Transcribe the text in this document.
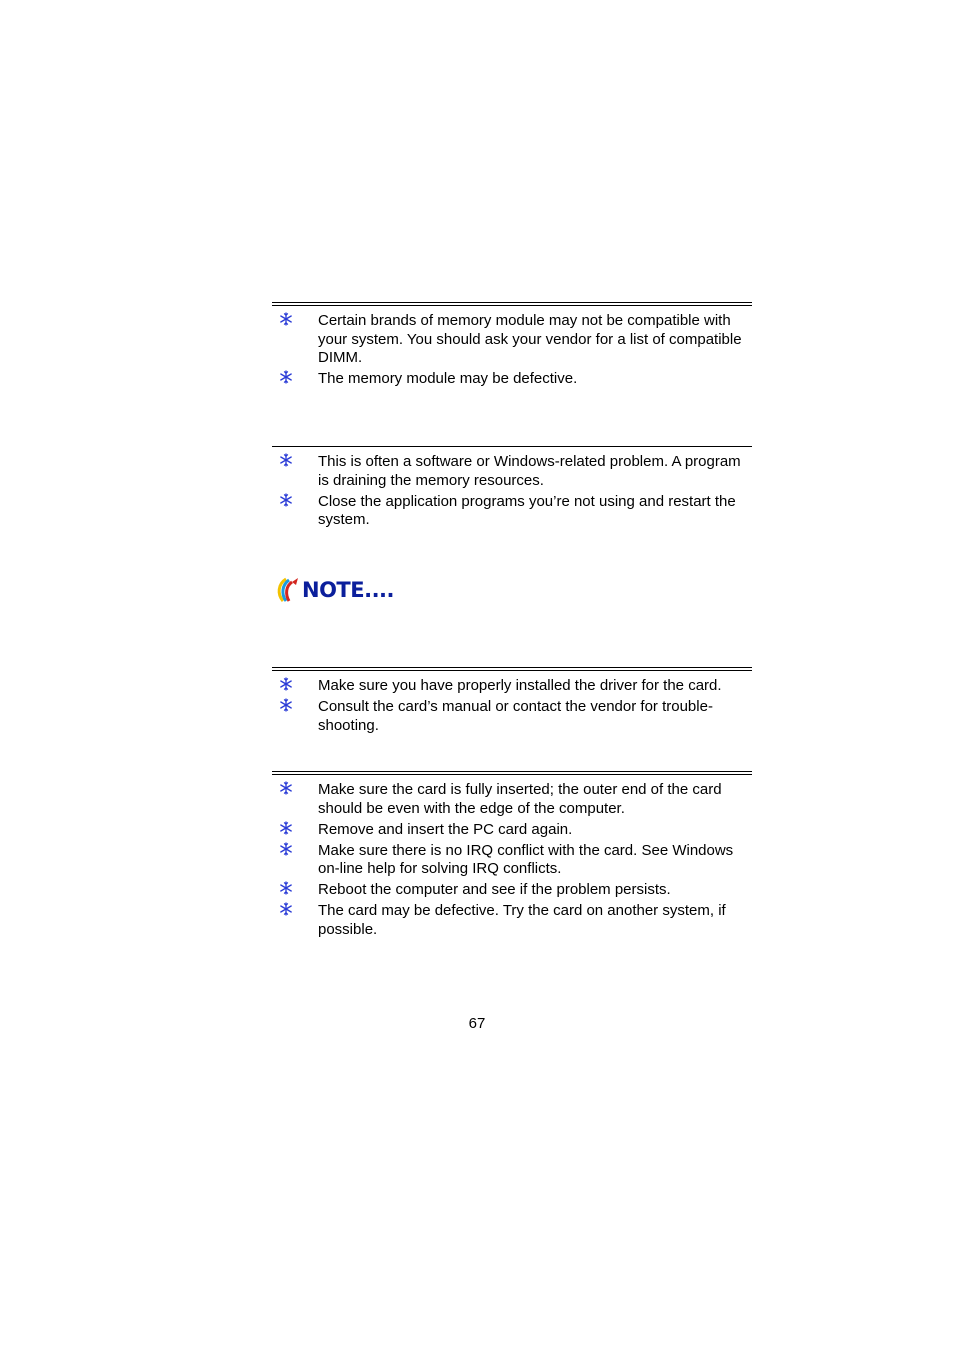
Certain brands of memory module may not be compatible with your system. You should ask your vendor for a list of compatible DIMM.
The memory module may be defective.
This is often a software or Windows-related problem. A program is draining the memory resources.
Close the application programs you’re not using and restart the system.
NOTE....
Make sure you have properly installed the driver for the card.
Consult the card’s manual or contact the vendor for trouble-shooting.
Make sure the card is fully inserted; the outer end of the card should be even with the edge of the computer.
Remove and insert the PC card again.
Make sure there is no IRQ conflict with the card. See Windows on-line help for solving IRQ conflicts.
Reboot the computer and see if the problem persists.
The card may be defective. Try the card on another system, if possible.
67
